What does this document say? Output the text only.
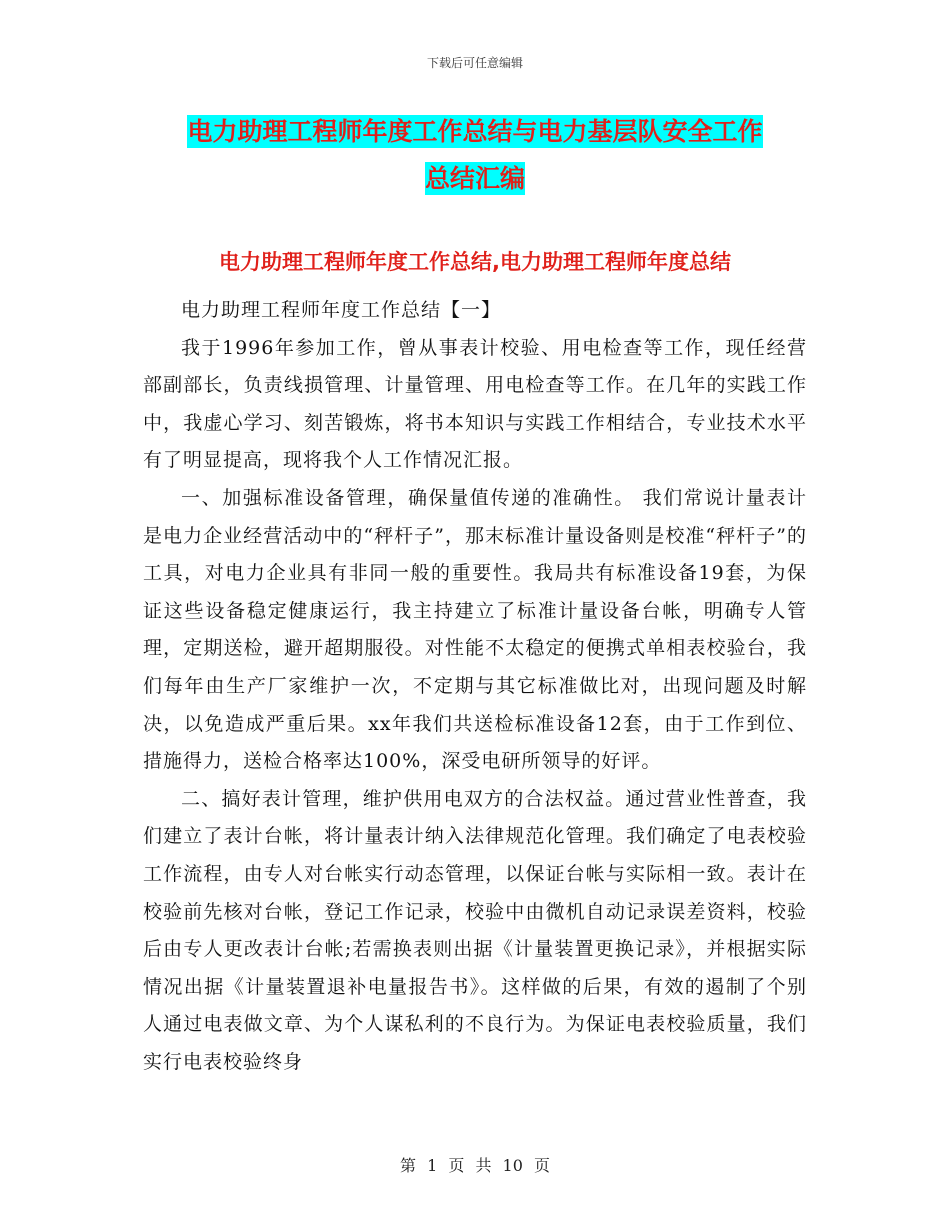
下载后可任意编辑
电力助理工程师年度工作总结与电力基层队安全工作
总结汇编
电力助理工程师年度工作总结,电力助理工程师年度总结

电力助理工程师年度工作总结【一】

我于1996年参加工作，曾从事表计校验、用电检查等工作，现任经营部副部长，负责线损管理、计量管理、用电检查等工作。在几年的实践工作中，我虚心学习、刻苦锻炼，将书本知识与实践工作相结合，专业技术水平有了明显提高，现将我个人工作情况汇报。

一、加强标准设备管理，确保量值传递的准确性。 我们常说计量表计是电力企业经营活动中的“秤杆子”，那末标准计量设备则是校准“秤杆子”的工具，对电力企业具有非同一般的重要性。我局共有标准设备19套，为保证这些设备稳定健康运行，我主持建立了标准计量设备台帐，明确专人管理，定期送检，避开超期服役。对性能不太稳定的便携式单相表校验台，我们每年由生产厂家维护一次，不定期与其它标准做比对，出现问题及时解决，以免造成严重后果。xx年我们共送检标准设备12套，由于工作到位、措施得力，送检合格率达100%，深受电研所领导的好评。

二、搞好表计管理，维护供用电双方的合法权益。通过营业性普查，我们建立了表计台帐，将计量表计纳入法律规范化管理。我们确定了电表校验工作流程，由专人对台帐实行动态管理，以保证台帐与实际相一致。表计在校验前先核对台帐，登记工作记录，校验中由微机自动记录误差资料，校验后由专人更改表计台帐;若需换表则出据《计量装置更换记录》，并根据实际情况出据《计量装置退补电量报告书》。这样做的后果，有效的遏制了个别人通过电表做文章、为个人谋私利的不良行为。为保证电表校验质量，我们实行电表校验终身

第 1 页 共 10 页
